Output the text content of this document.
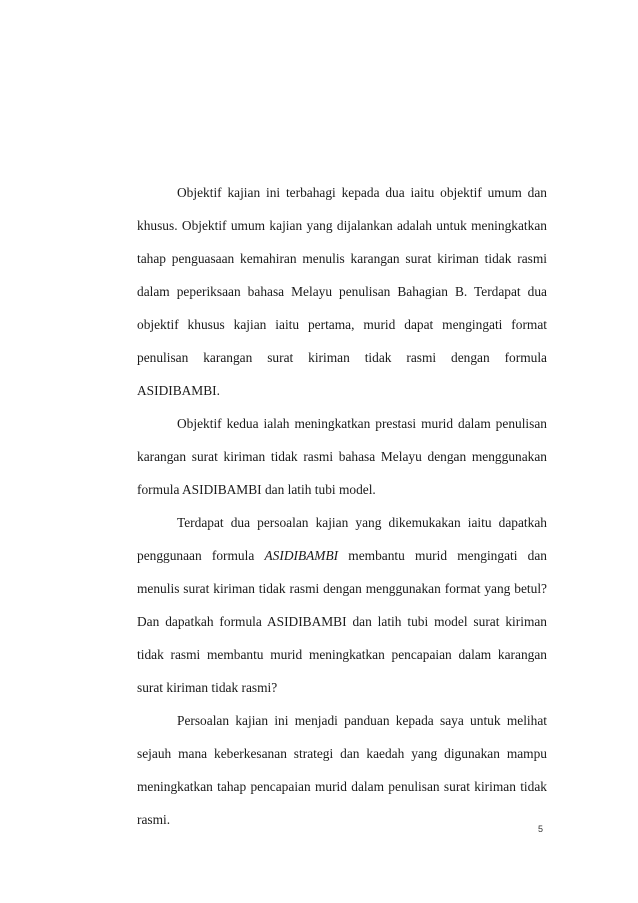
Objektif kajian ini terbahagi kepada dua iaitu objektif umum dan khusus. Objektif umum kajian yang dijalankan adalah untuk meningkatkan tahap penguasaan kemahiran menulis karangan surat kiriman tidak rasmi dalam peperiksaan bahasa Melayu penulisan Bahagian B. Terdapat dua objektif khusus kajian iaitu pertama, murid dapat mengingati format penulisan karangan surat kiriman tidak rasmi dengan formula ASIDIBAMBI.

Objektif kedua ialah meningkatkan prestasi murid dalam penulisan karangan surat kiriman tidak rasmi bahasa Melayu dengan menggunakan formula ASIDIBAMBI dan latih tubi model.

Terdapat dua persoalan kajian yang dikemukakan iaitu dapatkah penggunaan formula ASIDIBAMBI membantu murid mengingati dan menulis surat kiriman tidak rasmi dengan menggunakan format yang betul? Dan dapatkah formula ASIDIBAMBI dan latih tubi model surat kiriman tidak rasmi membantu murid meningkatkan pencapaian dalam karangan surat kiriman tidak rasmi?

Persoalan kajian ini menjadi panduan kepada saya untuk melihat sejauh mana keberkesanan strategi dan kaedah yang digunakan mampu meningkatkan tahap pencapaian murid dalam penulisan surat kiriman tidak rasmi.

5
